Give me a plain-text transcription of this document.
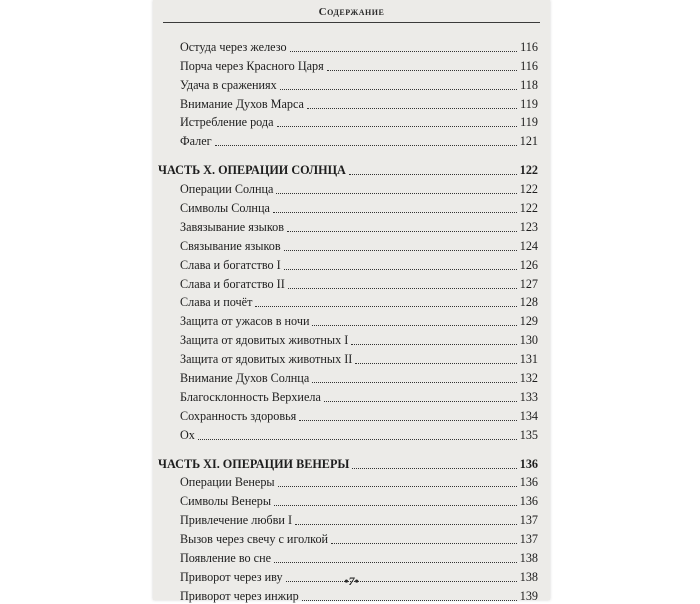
Содержание
Остуда через железо	116
Порча через Красного Царя	116
Удача в сражениях	118
Внимание Духов Марса	119
Истребление рода	119
Фалег	121
ЧАСТЬ X. ОПЕРАЦИИ СОЛНЦА	122
Операции Солнца	122
Символы Солнца	122
Завязывание языков	123
Связывание языков	124
Слава и богатство I	126
Слава и богатство II	127
Слава и почёт	128
Защита от ужасов в ночи	129
Защита от ядовитых животных I	130
Защита от ядовитых животных II	131
Внимание Духов Солнца	132
Благосклонность Верхиела	133
Сохранность здоровья	134
Ох	135
ЧАСТЬ XI. ОПЕРАЦИИ ВЕНЕРЫ	136
Операции Венеры	136
Символы Венеры	136
Привлечение любви I	137
Вызов через свечу с иголкой	137
Появление во сне	138
Приворот через иву	138
Приворот через инжир	139
•7•
